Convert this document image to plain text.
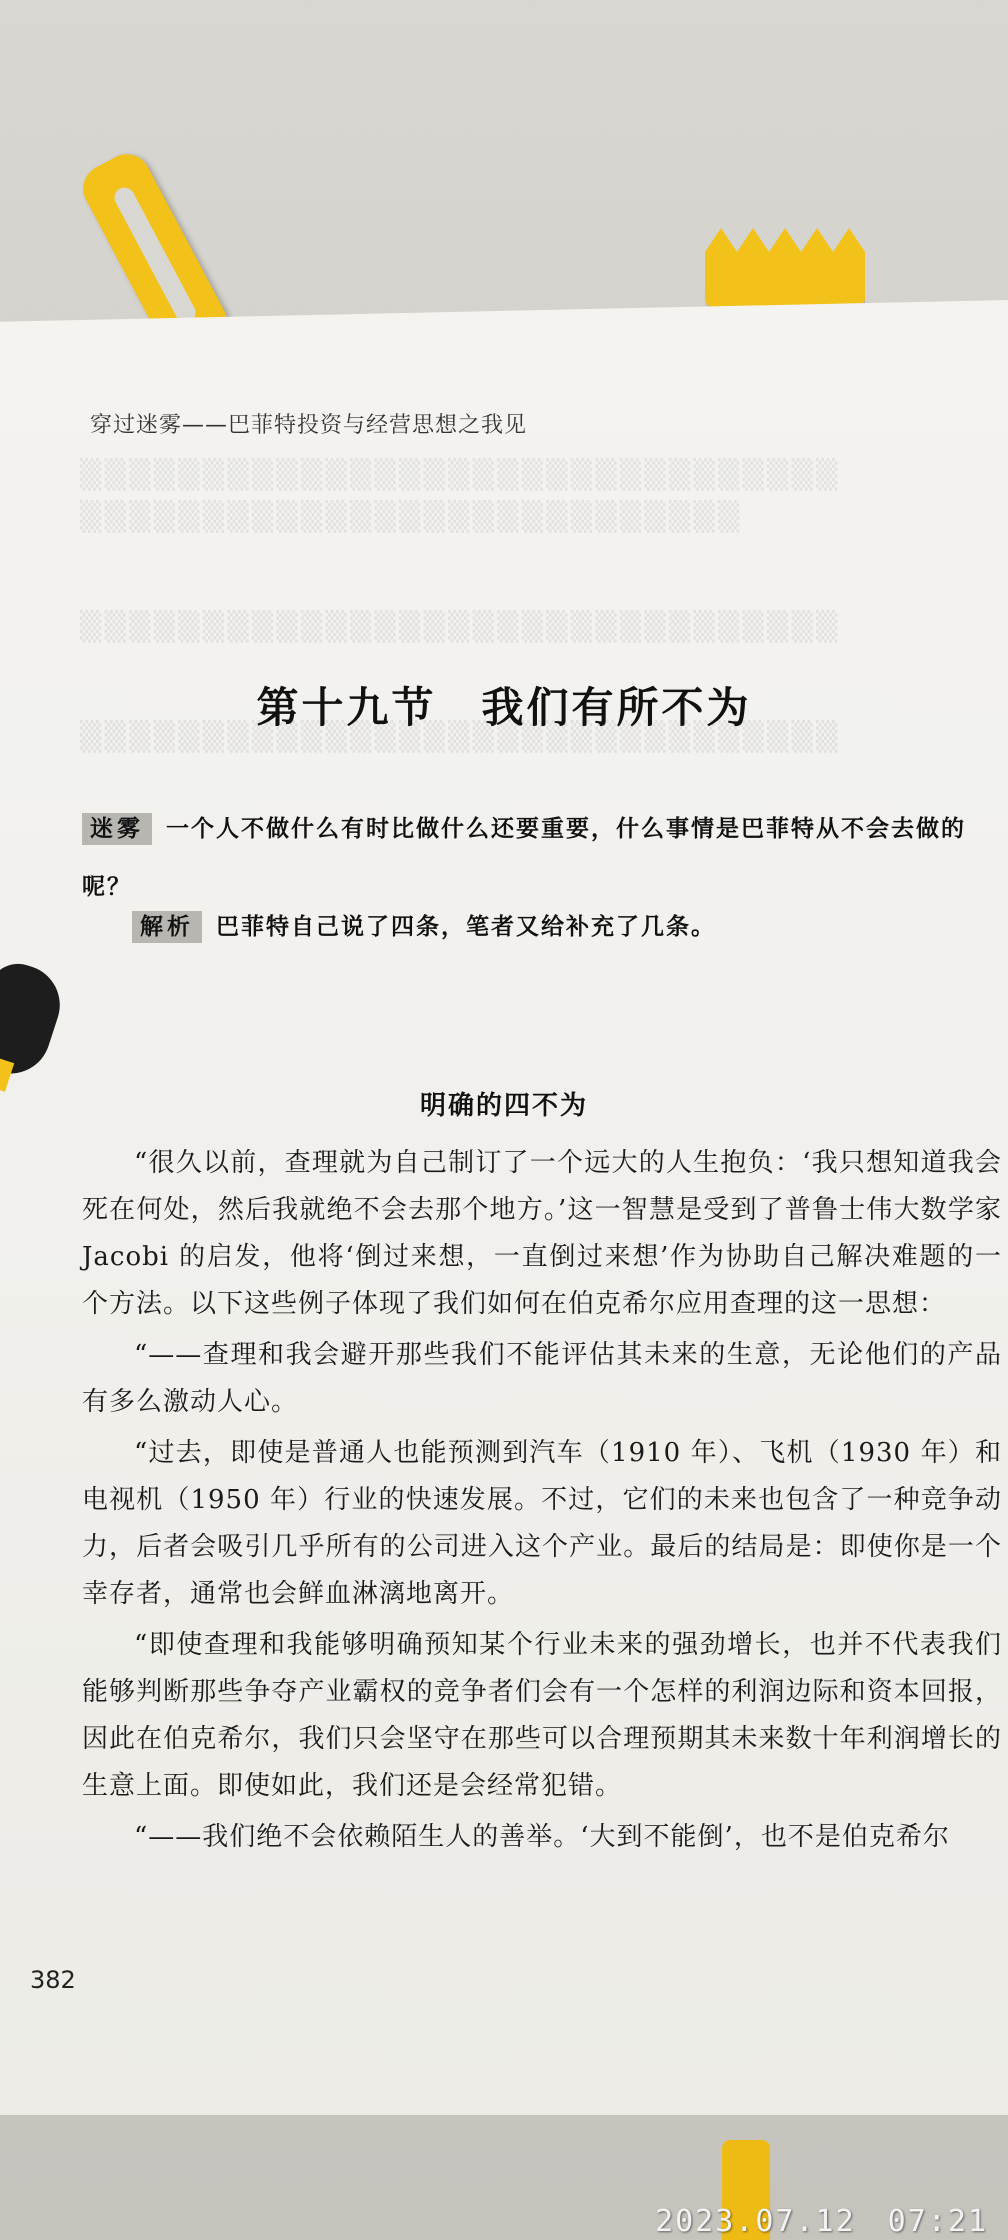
▒▒▒▒▒▒▒▒▒▒▒▒▒▒▒▒▒▒▒▒▒▒▒▒▒▒▒▒▒▒▒
▒▒▒▒▒▒▒▒▒▒▒▒▒▒▒▒▒▒▒▒▒▒▒▒▒▒▒
▒▒▒▒▒▒▒▒▒▒▒▒▒▒▒▒▒▒▒▒▒▒▒▒▒▒▒▒▒▒▒
▒▒▒▒▒▒▒▒▒▒▒▒▒▒▒▒▒▒▒▒▒▒▒▒▒▒▒▒▒▒▒
穿过迷雾——巴菲特投资与经营思想之我见
第十九节　我们有所不为
迷雾 一个人不做什么有时比做什么还要重要，什么事情是巴菲特从不会去做的呢？
解析 巴菲特自己说了四条，笔者又给补充了几条。
明确的四不为

“很久以前，查理就为自己制订了一个远大的人生抱负：‘我只想知道我会死在何处，然后我就绝不会去那个地方。’这一智慧是受到了普鲁士伟大数学家 Jacobi 的启发，他将‘倒过来想，一直倒过来想’作为协助自己解决难题的一个方法。以下这些例子体现了我们如何在伯克希尔应用查理的这一思想：

“——查理和我会避开那些我们不能评估其未来的生意，无论他们的产品有多么激动人心。

“过去，即使是普通人也能预测到汽车（1910 年）、飞机（1930 年）和电视机（1950 年）行业的快速发展。不过，它们的未来也包含了一种竞争动力，后者会吸引几乎所有的公司进入这个产业。最后的结局是：即使你是一个幸存者，通常也会鲜血淋漓地离开。

“即使查理和我能够明确预知某个行业未来的强劲增长，也并不代表我们能够判断那些争夺产业霸权的竞争者们会有一个怎样的利润边际和资本回报，因此在伯克希尔，我们只会坚守在那些可以合理预期其未来数十年利润增长的生意上面。即使如此，我们还是会经常犯错。

“——我们绝不会依赖陌生人的善举。‘大到不能倒’，也不是伯克希尔

382
2023.07.12　07:21
